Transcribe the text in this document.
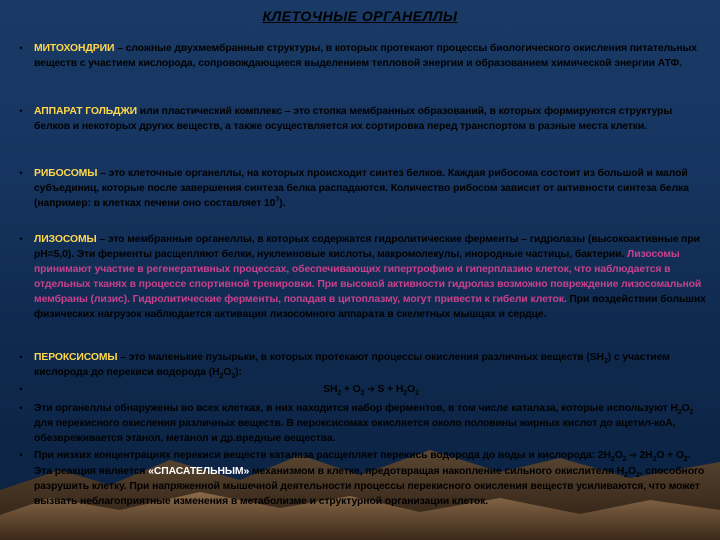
КЛЕТОЧНЫЕ ОРГАНЕЛЛЫ
•	МИТОХОНДРИИ – сложные двухмембранные структуры, в которых протекают процессы биологического окисления питательных веществ с участием кислорода, сопровождающиеся выделением тепловой энергии и образованием химической энергии АТФ.
•	АППАРАТ ГОЛЬДЖИ или пластический комплекс – это стопка мембранных образований, в которых формируются структуры белков и некоторых других веществ, а также осуществляется их сортировка перед транспортом в разные места клетки.
•	РИБОСОМЫ – это клеточные органеллы, на которых происходит синтез белков. Каждая рибосома состоит из большой и малой субъединиц, которые после завершения синтеза белка распадаются. Количество рибосом зависит от активности синтеза белка (например: в клетках печени оно составляет $10^7$).
•	ЛИЗОСОМЫ – это мембранные органеллы, в которых содержатся гидролитические ферменты – гидролазы (высокоактивные при pH=5,0). Эти ферменты расщепляют белки, нуклеиновые кислоты, макромолекулы, инородные частицы, бактерии. Лизосомы принимают участие в регенеративных процессах, обеспечивающих гипертрофию и гиперплазию клеток, что наблюдается в отдельных тканях в процессе спортивной тренировки. При высокой активности гидролаз возможно повреждение лизосомальной мембраны (лизис). Гидролитические ферменты, попадая в цитоплазму, могут привести к гибели клеток. При воздействии больших физических нагрузок наблюдается активация лизосомного аппарата в скелетных мышцах и сердце.
•	ПЕРОКСИСОМЫ – это маленькие пузырьки, в которых протекают процессы окисления различных веществ $(SH_2)$ с участием кислорода до перекиси водорода $(H_2O_2)$:
•	$SH_2 + O_2$ ➔ $S + H_2O_2$
•	Эти органеллы обнаружены во всех клетках, в них находится набор ферментов, в том числе каталаза, которые используют $H_2O_2$ для перекисного окисления различных веществ. В пероксисомах окисляется около половины жирных кислот до ацетил-коА, обезвреживается этанол, метанол и др.вредные вещества.
•	При низких концентрациях перекиси веществ каталаза расщепляет перекись водорода до воды и кислорода: $2H_2O_2$ ➔ $2H_2O + O_2$. Эта реакция является «СПАСАТЕЛЬНЫМ» механизмом в клетке, предотвращая накопление сильного окислителя $H_2O_2$, способного разрушить клетку. При напряженной мышечной деятельности процессы перекисного окисления веществ усиливаются, что может вызвать неблагоприятные изменения в метаболизме и структурной организации клеток.
